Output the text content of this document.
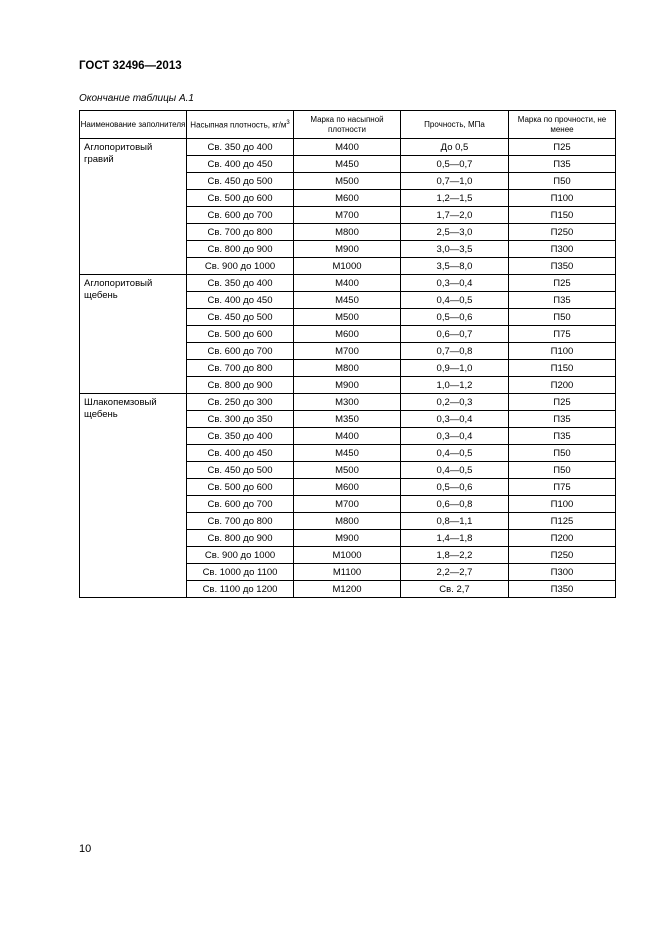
ГОСТ 32496—2013
Окончание таблицы А.1
Наименование заполнителя	Насыпная плотность, $кг/м^3$	Марка по насыпной плотности	Прочность, МПа	Марка по прочности, не менее
Аглопоритовый гравий	Св. 350 до 400	М400	До 0,5	П25
	Св. 400 до 450	М450	0,5—0,7	П35
	Св. 450 до 500	М500	0,7—1,0	П50
	Св. 500 до 600	М600	1,2—1,5	П100
	Св. 600 до 700	М700	1,7—2,0	П150
	Св. 700 до 800	М800	2,5—3,0	П250
	Св. 800 до 900	М900	3,0—3,5	П300
	Св. 900 до 1000	М1000	3,5—8,0	П350
Аглопоритовый щебень	Св. 350 до 400	М400	0,3—0,4	П25
	Св. 400 до 450	М450	0,4—0,5	П35
	Св. 450 до 500	М500	0,5—0,6	П50
	Св. 500 до 600	М600	0,6—0,7	П75
	Св. 600 до 700	М700	0,7—0,8	П100
	Св. 700 до 800	М800	0,9—1,0	П150
	Св. 800 до 900	М900	1,0—1,2	П200
Шлакопемзовый щебень	Св. 250 до 300	М300	0,2—0,3	П25
	Св. 300 до 350	М350	0,3—0,4	П35
	Св. 350 до 400	М400	0,3—0,4	П35
	Св. 400 до 450	М450	0,4—0,5	П50
	Св. 450 до 500	М500	0,4—0,5	П50
	Св. 500 до 600	М600	0,5—0,6	П75
	Св. 600 до 700	М700	0,6—0,8	П100
	Св. 700 до 800	М800	0,8—1,1	П125
	Св. 800 до 900	М900	1,4—1,8	П200
	Св. 900 до 1000	М1000	1,8—2,2	П250
	Св. 1000 до 1100	М1100	2,2—2,7	П300
	Св. 1100 до 1200	М1200	Св. 2,7	П350
10
